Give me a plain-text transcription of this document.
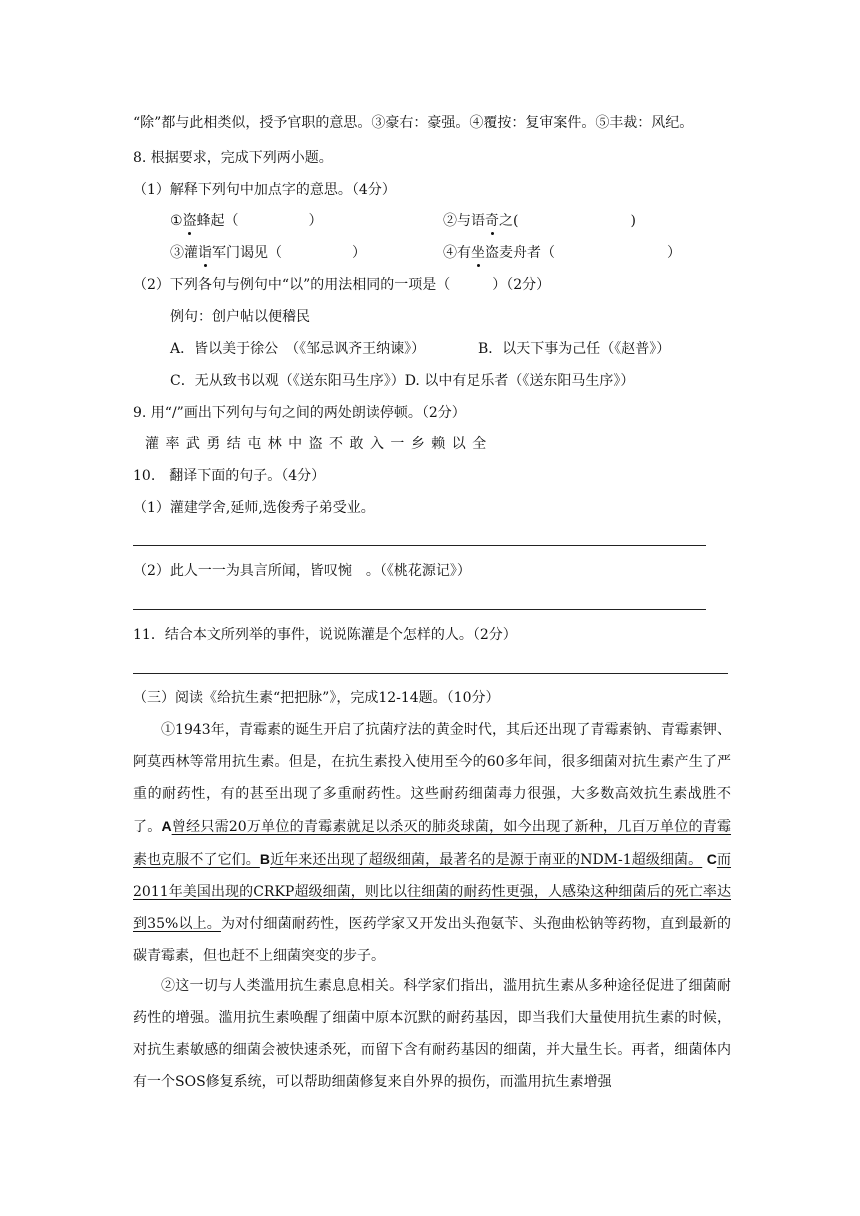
“除”都与此相类似，授予官职的意思。③豪右：豪强。④覆按：复审案件。⑤丰裁：风纪。
8. 根据要求，完成下列两小题。
（1）解释下列句中加点字的意思。（4分）
①盗蜂起（　　　　　）	②与语奇之(　　　　　　　　)
③灌诣军门谒见（　　　　　）	④有坐盗麦舟者（　　　　　　　　）
（2）下列各句与例句中“以”的用法相同的一项是（　　　）（2分）
例句：创户帖以便稽民
A．皆以美于徐公　（《邹忌讽齐王纳谏》）	B．以天下事为己任（《赵普》）
C．无从致书以观（《送东阳马生序》）D. 以中有足乐者（《送东阳马生序》）
9. 用“/”画出下列句与句之间的两处朗读停顿。（2分）
灌 率 武 勇 结 屯 林 中 盗 不 敢 入 一 乡 赖 以 全
10.　翻译下面的句子。（4分）
（1）灌建学舍,延师,选俊秀子弟受业。
（2）此人一一为具言所闻，皆叹惋　。（《桃花源记》）
11．结合本文所列举的事件，说说陈灌是个怎样的人。（2分）
（三）阅读《给抗生素“把把脉”》，完成12-14题。（10分）
①1943年，青霉素的诞生开启了抗菌疗法的黄金时代，其后还出现了青霉素钠、青霉素钾、阿莫西林等常用抗生素。但是，在抗生素投入使用至今的60多年间，很多细菌对抗生素产生了严重的耐药性，有的甚至出现了多重耐药性。这些耐药细菌毒力很强，大多数高效抗生素战胜不了。A曾经只需20万单位的青霉素就足以杀灭的肺炎球菌，如今出现了新种，几百万单位的青霉素也克服不了它们。B近年来还出现了超级细菌，最著名的是源于南亚的NDM-1超级细菌。 C而2011年美国出现的CRKP超级细菌，则比以往细菌的耐药性更强，人感染这种细菌后的死亡率达到35%以上。为对付细菌耐药性，医药学家又开发出头孢氨苄、头孢曲松钠等药物，直到最新的碳青霉素，但也赶不上细菌突变的步子。
②这一切与人类滥用抗生素息息相关。科学家们指出，滥用抗生素从多种途径促进了细菌耐药性的增强。滥用抗生素唤醒了细菌中原本沉默的耐药基因，即当我们大量使用抗生素的时候，对抗生素敏感的细菌会被快速杀死，而留下含有耐药基因的细菌，并大量生长。再者，细菌体内有一个SOS修复系统，可以帮助细菌修复来自外界的损伤，而滥用抗生素增强
